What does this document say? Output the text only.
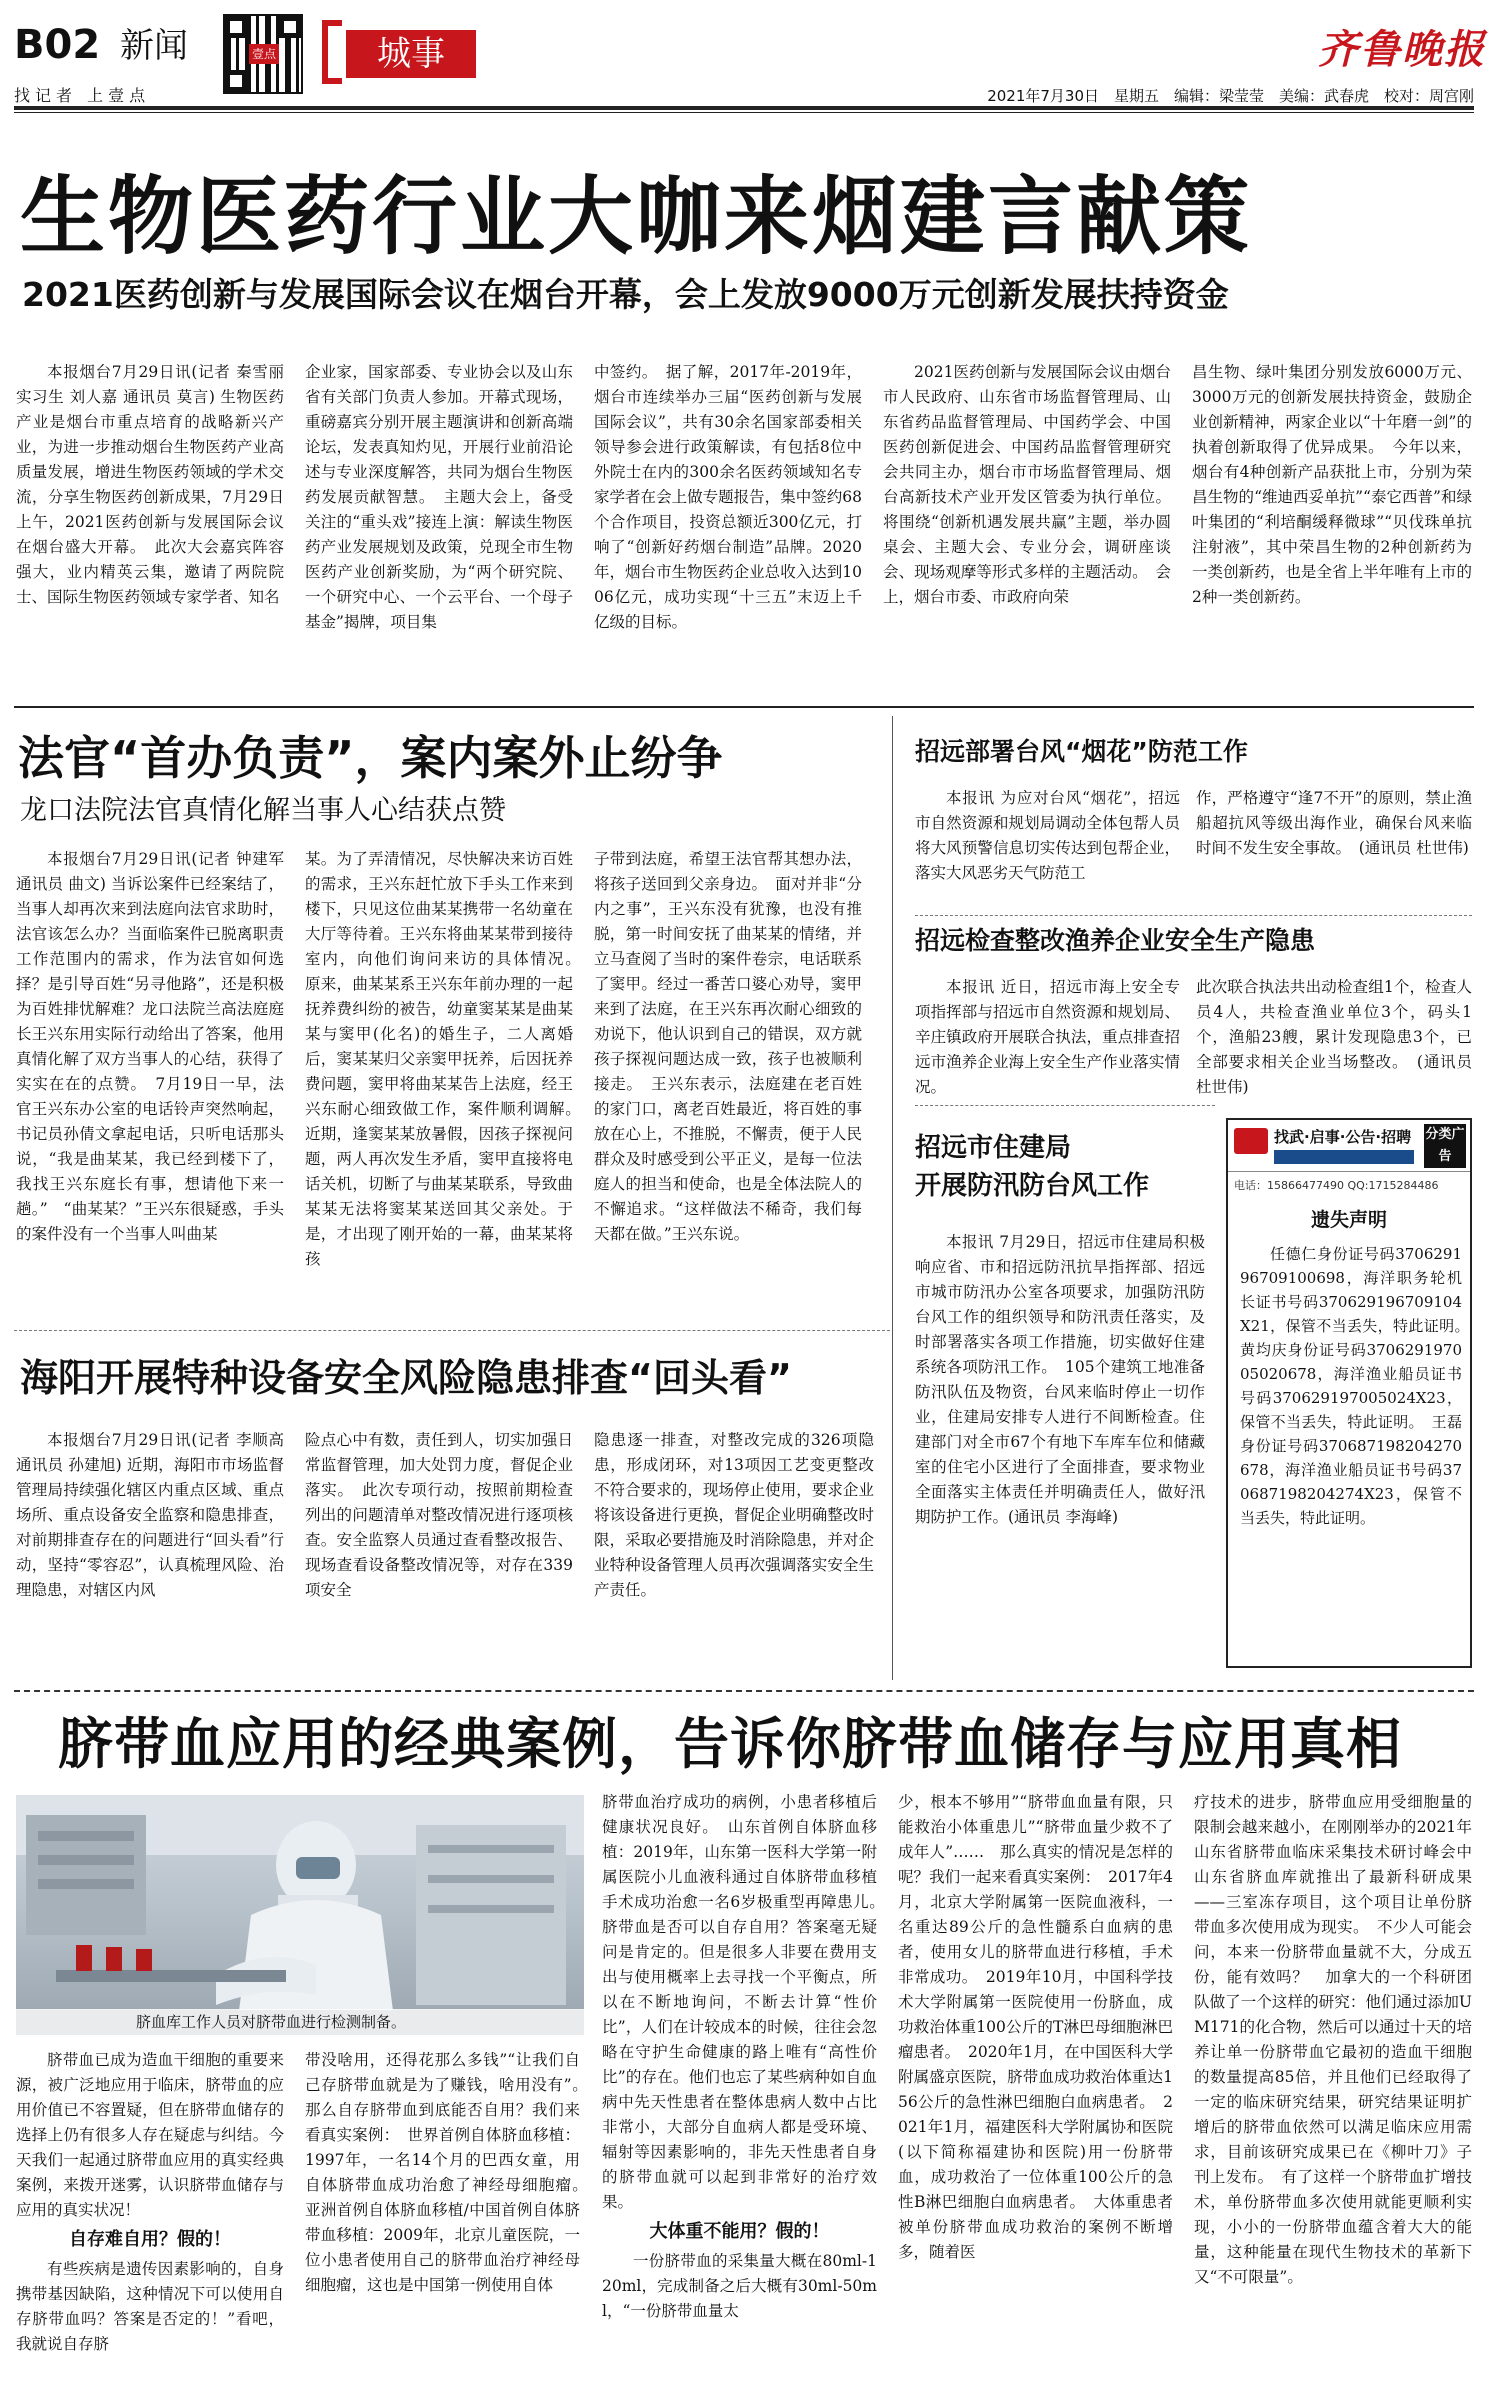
B02 新闻
找记者 上壹点
壹点	城事	齐鲁晚报
2021年7月30日　星期五　编辑：梁莹莹　美编：武春虎　校对：周宫刚
生物医药行业大咖来烟建言献策
2021医药创新与发展国际会议在烟台开幕，会上发放9000万元创新发展扶持资金

本报烟台7月29日讯(记者 秦雪丽 实习生 刘人嘉 通讯员 莫言) 生物医药产业是烟台市重点培育的战略新兴产业，为进一步推动烟台生物医药产业高质量发展，增进生物医药领域的学术交流，分享生物医药创新成果，7月29日上午，2021医药创新与发展国际会议在烟台盛大开幕。　此次大会嘉宾阵容强大，业内精英云集，邀请了两院院士、国际生物医药领域专家学者、知名

企业家，国家部委、专业协会以及山东省有关部门负责人参加。开幕式现场，重磅嘉宾分别开展主题演讲和创新高端论坛，发表真知灼见，开展行业前沿论述与专业深度解答，共同为烟台生物医药发展贡献智慧。　主题大会上，备受关注的“重头戏”接连上演：解读生物医药产业发展规划及政策，兑现全市生物医药产业创新奖励，为“两个研究院、一个研究中心、一个云平台、一个母子基金”揭牌，项目集

中签约。　据了解，2017年-2019年，烟台市连续举办三届“医药创新与发展国际会议”，共有30余名国家部委相关领导参会进行政策解读，有包括8位中外院士在内的300余名医药领域知名专家学者在会上做专题报告，集中签约68个合作项目，投资总额近300亿元，打响了“创新好药烟台制造”品牌。2020年，烟台市生物医药企业总收入达到1006亿元，成功实现“十三五”末迈上千亿级的目标。

2021医药创新与发展国际会议由烟台市人民政府、山东省市场监督管理局、山东省药品监督管理局、中国药学会、中国医药创新促进会、中国药品监督管理研究会共同主办，烟台市市场监督管理局、烟台高新技术产业开发区管委为执行单位。将围绕“创新机遇发展共赢”主题，举办圆桌会、主题大会、专业分会，调研座谈会、现场观摩等形式多样的主题活动。　会上，烟台市委、市政府向荣

昌生物、绿叶集团分别发放6000万元、3000万元的创新发展扶持资金，鼓励企业创新精神，两家企业以“十年磨一剑”的执着创新取得了优异成果。　今年以来，烟台有4种创新产品获批上市，分别为荣昌生物的“维迪西妥单抗”“泰它西普”和绿叶集团的“利培酮缓释微球”“贝伐珠单抗注射液”，其中荣昌生物的2种创新药为一类创新药，也是全省上半年唯有上市的2种一类创新药。

法官“首办负责”，案内案外止纷争
龙口法院法官真情化解当事人心结获点赞

本报烟台7月29日讯(记者 钟建军 通讯员 曲文) 当诉讼案件已经案结了，当事人却再次来到法庭向法官求助时，法官该怎么办？当面临案件已脱离职责工作范围内的需求，作为法官如何选择？是引导百姓“另寻他路”，还是积极为百姓排忧解难？龙口法院兰高法庭庭长王兴东用实际行动给出了答案，他用真情化解了双方当事人的心结，获得了实实在在的点赞。　7月19日一早，法官王兴东办公室的电话铃声突然响起，书记员孙倩文拿起电话，只听电话那头说，“我是曲某某，我已经到楼下了，我找王兴东庭长有事，想请他下来一趟。”　“曲某某？”王兴东很疑惑，手头的案件没有一个当事人叫曲某

某。为了弄清情况，尽快解决来访百姓的需求，王兴东赶忙放下手头工作来到楼下，只见这位曲某某携带一名幼童在大厅等待着。王兴东将曲某某带到接待室内，向他们询问来访的具体情况。　原来，曲某某系王兴东年前办理的一起抚养费纠纷的被告，幼童窦某某是曲某某与窦甲(化名)的婚生子，二人离婚后，窦某某归父亲窦甲抚养，后因抚养费问题，窦甲将曲某某告上法庭，经王兴东耐心细致做工作，案件顺利调解。　近期，逢窦某某放暑假，因孩子探视问题，两人再次发生矛盾，窦甲直接将电话关机，切断了与曲某某联系，导致曲某某无法将窦某某送回其父亲处。于是，才出现了刚开始的一幕，曲某某将孩

子带到法庭，希望王法官帮其想办法，将孩子送回到父亲身边。　面对并非“分内之事”，王兴东没有犹豫，也没有推脱，第一时间安抚了曲某某的情绪，并立马查阅了当时的案件卷宗，电话联系了窦甲。经过一番苦口婆心劝导，窦甲来到了法庭，在王兴东再次耐心细致的劝说下，他认识到自己的错误，双方就孩子探视问题达成一致，孩子也被顺利接走。　王兴东表示，法庭建在老百姓的家门口，离老百姓最近，将百姓的事放在心上，不推脱，不懈责，便于人民群众及时感受到公平正义，是每一位法庭人的担当和使命，也是全体法院人的不懈追求。“这样做法不稀奇，我们每天都在做。”王兴东说。

招远部署台风“烟花”防范工作

本报讯 为应对台风“烟花”，招远市自然资源和规划局调动全体包帮人员将大风预警信息切实传达到包帮企业，落实大风恶劣天气防范工

作，严格遵守“逢7不开”的原则，禁止渔船超抗风等级出海作业，确保台风来临时间不发生安全事故。　(通讯员 杜世伟)

招远检查整改渔养企业安全生产隐患

本报讯 近日，招远市海上安全专项指挥部与招远市自然资源和规划局、辛庄镇政府开展联合执法，重点排查招远市渔养企业海上安全生产作业落实情况。

此次联合执法共出动检查组1个，检查人员4人，共检查渔业单位3个，码头1个，渔船23艘，累计发现隐患3个，已全部要求相关企业当场整改。　(通讯员 杜世伟)

招远市住建局
开展防汛防台风工作

本报讯 7月29日，招远市住建局积极响应省、市和招远防汛抗旱指挥部、招远市城市防汛办公室各项要求，加强防汛防台风工作的组织领导和防汛责任落实，及时部署落实各项工作措施，切实做好住建系统各项防汛工作。　105个建筑工地准备防汛队伍及物资，台风来临时停止一切作业，住建局安排专人进行不间断检查。住建部门对全市67个有地下车库车位和储藏室的住宅小区进行了全面排查，要求物业全面落实主体责任并明确责任人，做好汛期防护工作。(通讯员 李海峰)

找武·启事·公告·招聘 分类广告
电话：15866477490 QQ:1715284486
遗失声明

任德仁身份证号码370629196709100698，海洋职务轮机长证书号码370629196709104X21，保管不当丢失，特此证明。　黄均庆身份证号码370629197005020678，海洋渔业船员证书号码370629197005024X23，保管不当丢失，特此证明。　王磊身份证号码370687198204270678，海洋渔业船员证书号码370687198204274X23，保管不当丢失，特此证明。

海阳开展特种设备安全风险隐患排查“回头看”

本报烟台7月29日讯(记者 李顺高 通讯员 孙建旭) 近期，海阳市市场监督管理局持续强化辖区内重点区域、重点场所、重点设备安全监察和隐患排查，对前期排查存在的问题进行“回头看”行动，坚持“零容忍”，认真梳理风险、治理隐患，对辖区内风

险点心中有数，责任到人，切实加强日常监督管理，加大处罚力度，督促企业落实。　此次专项行动，按照前期检查列出的问题清单对整改情况进行逐项核查。安全监察人员通过查看整改报告、现场查看设备整改情况等，对存在339项安全

隐患逐一排查，对整改完成的326项隐患，形成闭环，对13项因工艺变更整改不符合要求的，现场停止使用，要求企业将该设备进行更换，督促企业明确整改时限，采取必要措施及时消除隐患，并对企业特种设备管理人员再次强调落实安全生产责任。

脐带血应用的经典案例，告诉你脐带血储存与应用真相
脐血库工作人员对脐带血进行检测制备。

脐带血已成为造血干细胞的重要来源，被广泛地应用于临床，脐带血的应用价值已不容置疑，但在脐带血储存的选择上仍有很多人存在疑虑与纠结。今天我们一起通过脐带血应用的真实经典案例，来拨开迷雾，认识脐带血储存与应用的真实状况！

自存难自用？假的！

有些疾病是遗传因素影响的，自身携带基因缺陷，这种情况下可以使用自存脐带血吗？答案是否定的！”看吧，我就说自存脐

带没啥用，还得花那么多钱”“让我们自己存脐带血就是为了赚钱，啥用没有”。　那么自存脐带血到底能否自用？我们来看真实案例：　世界首例自体脐血移植：1997年，一名14个月的巴西女童，用自体脐带血成功治愈了神经母细胞瘤。　亚洲首例自体脐血移植/中国首例自体脐带血移植：2009年，北京儿童医院，一位小患者使用自己的脐带血治疗神经母细胞瘤，这也是中国第一例使用自体

脐带血治疗成功的病例，小患者移植后健康状况良好。　山东首例自体脐血移植：2019年，山东第一医科大学第一附属医院小儿血液科通过自体脐带血移植手术成功治愈一名6岁极重型再障患儿。　脐带血是否可以自存自用？答案毫无疑问是肯定的。但是很多人非要在费用支出与使用概率上去寻找一个平衡点，所以在不断地询问，不断去计算“性价比”，人们在计较成本的时候，往往会忽略在守护生命健康的路上唯有“高性价比”的存在。他们也忘了某些病种如自血病中先天性患者在整体患病人数中占比非常小，大部分自血病人都是受环境、辐射等因素影响的，非先天性患者自身的脐带血就可以起到非常好的治疗效果。

大体重不能用？假的！

一份脐带血的采集量大概在80ml-120ml，完成制备之后大概有30ml-50ml，“一份脐带血量太

少，根本不够用”“脐带血血量有限，只能救治小体重患儿”“脐带血量少救不了成年人”……　那么真实的情况是怎样的呢？我们一起来看真实案例：　2017年4月，北京大学附属第一医院血液科，一名重达89公斤的急性髓系白血病的患者，使用女儿的脐带血进行移植，手术非常成功。　2019年10月，中国科学技术大学附属第一医院使用一份脐血，成功救治体重100公斤的T淋巴母细胞淋巴瘤患者。　2020年1月，在中国医科大学附属盛京医院，脐带血成功救治体重达156公斤的急性淋巴细胞白血病患者。　2021年1月，福建医科大学附属协和医院(以下简称福建协和医院)用一份脐带血，成功救治了一位体重100公斤的急性B淋巴细胞白血病患者。　大体重患者被单份脐带血成功救治的案例不断增多，随着医

疗技术的进步，脐带血应用受细胞量的限制会越来越小，在刚刚举办的2021年山东省脐带血临床采集技术研讨峰会中山东省脐血库就推出了最新科研成果——三室冻存项目，这个项目让单份脐带血多次使用成为现实。　不少人可能会问，本来一份脐带血量就不大，分成五份，能有效吗？　加拿大的一个科研团队做了一个这样的研究：他们通过添加UM171的化合物，然后可以通过十天的培养让单一份脐带血它最初的造血干细胞的数量提高85倍，并且他们已经取得了一定的临床研究结果，研究结果证明扩增后的脐带血依然可以满足临床应用需求，目前该研究成果已在《柳叶刀》子刊上发布。　有了这样一个脐带血扩增技术，单份脐带血多次使用就能更顺利实现，小小的一份脐带血蕴含着大大的能量，这种能量在现代生物技术的革新下又“不可限量”。
